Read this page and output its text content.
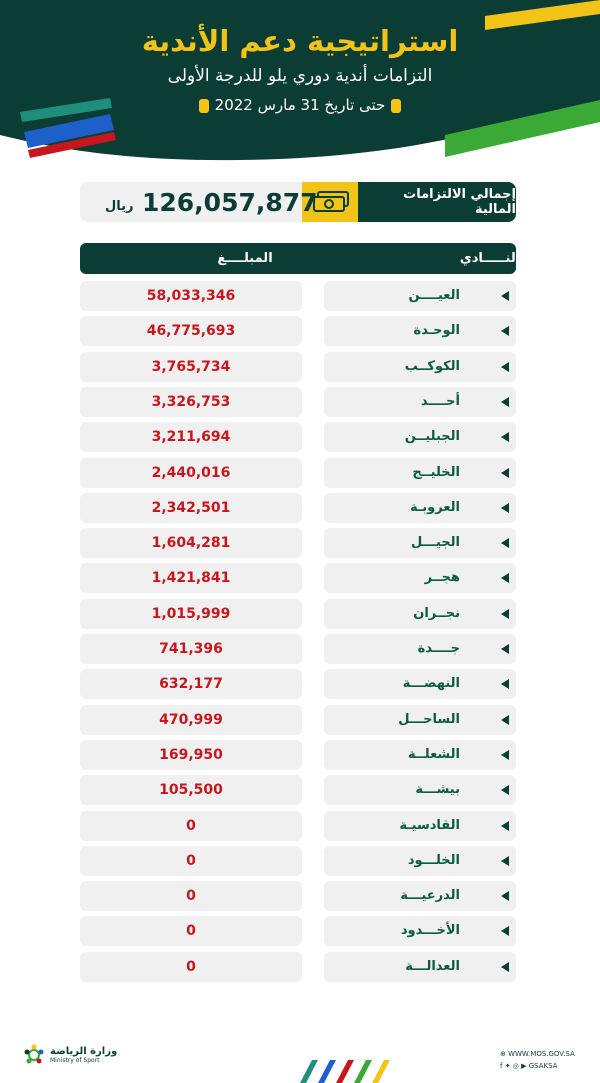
استراتيجية دعم الأندية
التزامات أندية دوري يلو للدرجة الأولى
حتى تاريخ 31 مارس 2022
إجمالي الالتزامات المالية
126,057,877
ريال
النـــــادي
المبلــــغ
58,033,346	العيــــن
46,775,693	الوحـدة
3,765,734	الكوكــب
3,326,753	أحــــد
3,211,694	الجبليــن
2,440,016	الخليــج
2,342,501	العروبـة
1,604,281	الجيـــل
1,421,841	هجــر
1,015,999	نجــران
741,396	جــــدة
632,177	النهضـــة
470,999	الساحـــل
169,950	الشعلــة
105,500	بيشـــة
0	القادسيـة
0	الخلـــود
0	الدرعيـــة
0	الأخـــدود
0	العدالـــة
وزارة الرياضة
Ministry of Sport
⊕ WWW.MOS.GOV.SA
f ✦ ◎ ▶ GSAKSA
